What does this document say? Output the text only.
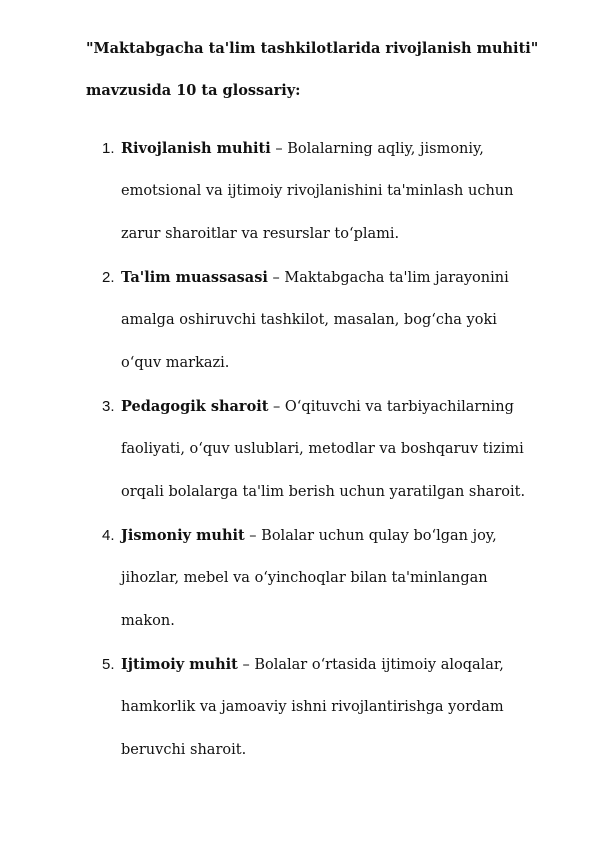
"Maktabgacha ta'lim tashkilotlarida rivojlanish muhiti"

mavzusida 10 ta glossariy:

1. Rivojlanish muhiti – Bolalarning aqliy, jismoniy,
emotsional va ijtimoiy rivojlanishini ta'minlash uchun
zarur sharoitlar va resurslar to‘plami.
2. Ta'lim muassasasi – Maktabgacha ta'lim jarayonini
amalga oshiruvchi tashkilot, masalan, bog‘cha yoki
o‘quv markazi.
3. Pedagogik sharoit – O‘qituvchi va tarbiyachilarning
faoliyati, o‘quv uslublari, metodlar va boshqaruv tizimi
orqali bolalarga ta'lim berish uchun yaratilgan sharoit.
4. Jismoniy muhit – Bolalar uchun qulay bo‘lgan joy,
jihozlar, mebel va o‘yinchoqlar bilan ta'minlangan
makon.
5. Ijtimoiy muhit – Bolalar o‘rtasida ijtimoiy aloqalar,
hamkorlik va jamoaviy ishni rivojlantirishga yordam
beruvchi sharoit.
